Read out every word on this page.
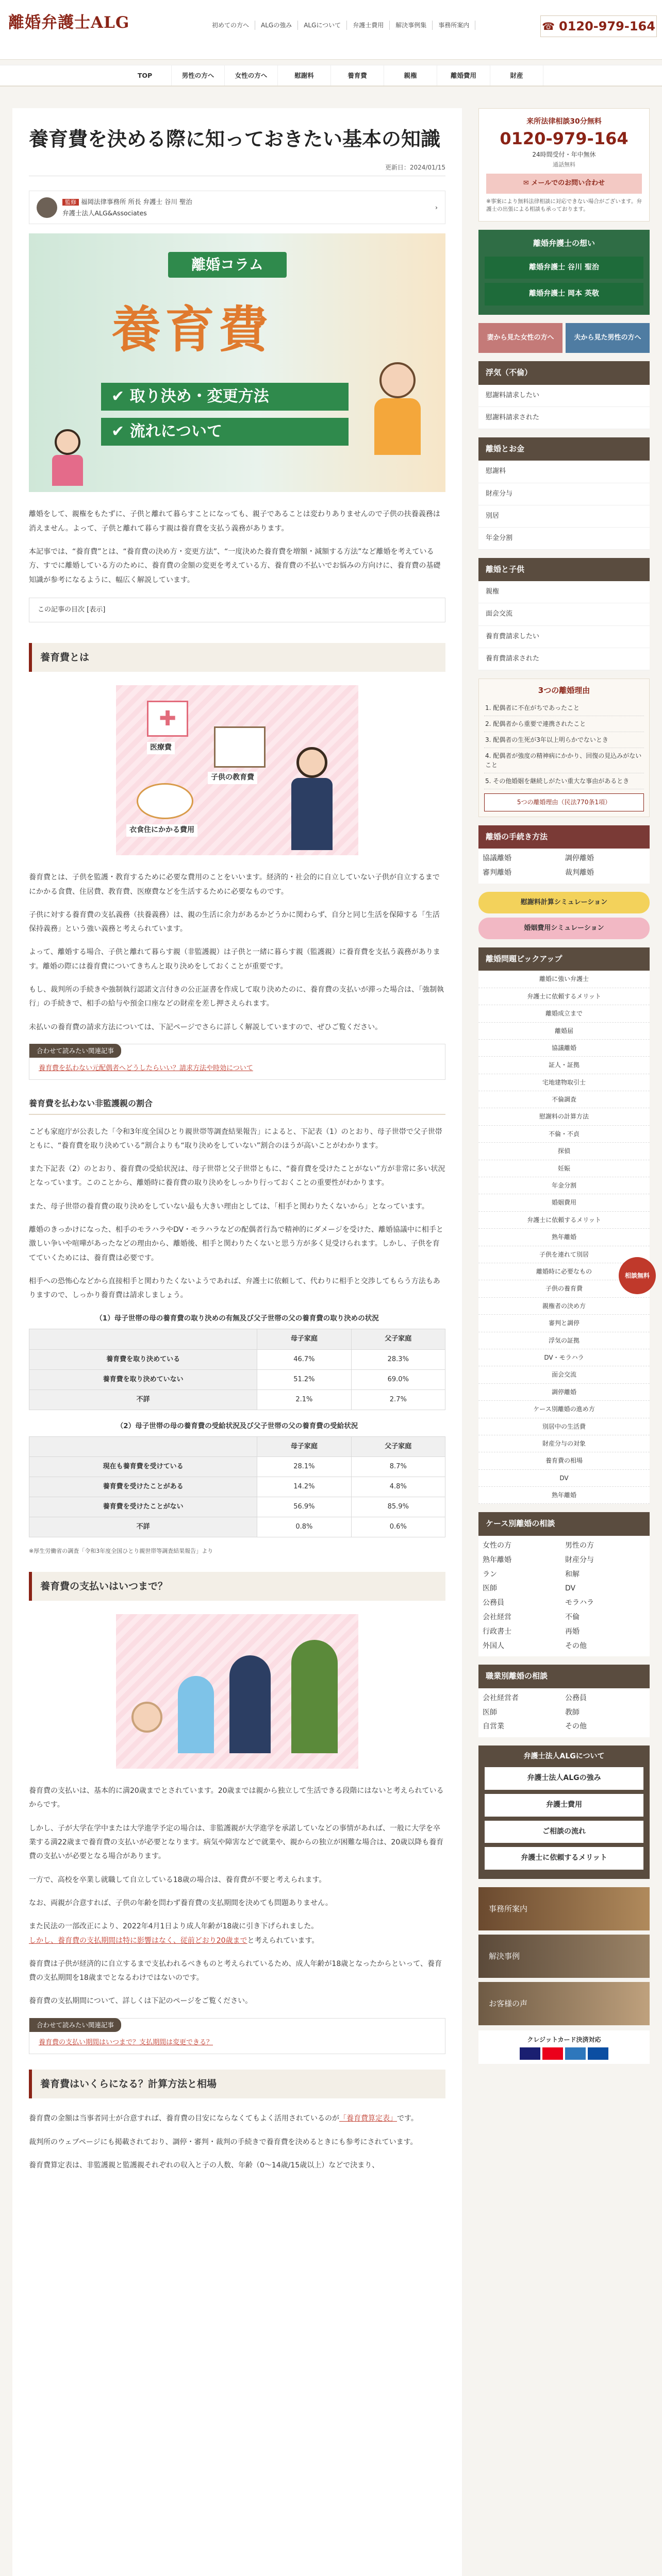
離婚弁護士ALG	初めての方へ	ALGの強み	ALGについて	弁護士費用	解決事例集	事務所案内	☎ 0120-979-164
TOP	男性の方へ	女性の方へ	慰謝料	養育費	親権	離婚費用	財産
養育費を決める際に知っておきたい基本の知識
更新日：2024/01/15
監修 福岡法律事務所 所長 弁護士 谷川 聖治
弁護士法人ALG&Associates
›
離婚コラム
養育費
✔ 取り決め・変更方法
✔ 流れについて

離婚をして、親権をもたずに、子供と離れて暮らすことになっても、親子であることは変わりありませんので子供の扶養義務は消えません。よって、子供と離れて暮らす親は養育費を支払う義務があります。

本記事では、“養育費”とは、“養育費の決め方・変更方法”、“一度決めた養育費を増額・減額する方法”など離婚を考えている方、すでに離婚している方のために、養育費の金額の変更を考えている方、養育費の不払いでお悩みの方向けに、養育費の基礎知識が参考になるように、幅広く解説しています。

この記事の目次 [表示]
養育費とは
✚
医療費
子供の教育費
衣食住にかかる費用

養育費とは、子供を監護・教育するために必要な費用のことをいいます。経済的・社会的に自立していない子供が自立するまでにかかる食費、住居費、教育費、医療費などを生活するために必要なものです。

子供に対する養育費の支払義務（扶養義務）は、親の生活に余力があるかどうかに関わらず、自分と同じ生活を保障する「生活保持義務」という強い義務と考えられています。

よって、離婚する場合、子供と離れて暮らす親（非監護親）は子供と一緒に暮らす親（監護親）に養育費を支払う義務があります。離婚の際には養育費についてきちんと取り決めをしておくことが重要です。

もし、裁判所の手続きや強制執行認諾文言付きの公正証書を作成して取り決めたのに、養育費の支払いが滞った場合は、「強制執行」の手続きで、相手の給与や預金口座などの財産を差し押さえられます。

未払いの養育費の請求方法については、下記ページでさらに詳しく解説していますので、ぜひご覧ください。

合わせて読みたい関連記事
養育費を払わない元配偶者へどうしたらいい？請求方法や時効について
養育費を払わない非監護親の割合

こども家庭庁が公表した「令和3年度全国ひとり親世帯等調査結果報告」によると、下記表（1）のとおり、母子世帯で父子世帯ともに、“養育費を取り決めている”割合よりも“取り決めをしていない”割合のほうが高いことがわかります。

また下記表（2）のとおり、養育費の受給状況は、母子世帯と父子世帯ともに、“養育費を受けたことがない”方が非常に多い状況となっています。このことから、離婚時に養育費の取り決めをしっかり行っておくことの重要性がわかります。

また、母子世帯の養育費の取り決めをしていない最も大きい理由としては、「相手と関わりたくないから」となっています。

離婚のきっかけになった、相手のモラハラやDV・モラハラなどの配偶者行為で精神的にダメージを受けた、離婚協議中に相手と激しい争いや喧嘩があったなどの理由から、離婚後、相手と関わりたくないと思う方が多く見受けられます。しかし、子供を育てていくためには、養育費は必要です。

相手への恐怖心などから直接相手と関わりたくないようであれば、弁護士に依頼して、代わりに相手と交渉してもらう方法もありますので、しっかり養育費は請求しましょう。

（1）母子世帯の母の養育費の取り決めの有無及び父子世帯の父の養育費の取り決めの状況
	母子家庭	父子家庭
養育費を取り決めている	46.7%	28.3%
養育費を取り決めていない	51.2%	69.0%
不詳	2.1%	2.7%
（2）母子世帯の母の養育費の受給状況及び父子世帯の父の養育費の受給状況
	母子家庭	父子家庭
現在も養育費を受けている	28.1%	8.7%
養育費を受けたことがある	14.2%	4.8%
養育費を受けたことがない	56.9%	85.9%
不詳	0.8%	0.6%
※厚生労働省の調査「令和3年度全国ひとり親世帯等調査結果報告」より
養育費の支払いはいつまで？

養育費の支払いは、基本的に満20歳までとされています。20歳までは親から独立して生活できる段階にはないと考えられているからです。

しかし、子が大学在学中または大学進学予定の場合は、非監護親が大学進学を承諾していなどの事情があれば、一般に大学を卒業する満22歳まで養育費の支払いが必要となります。病気や障害などで就業や、親からの独立が困難な場合は、20歳以降も養育費の支払いが必要となる場合があります。

一方で、高校を卒業し就職して自立している18歳の場合は、養育費が不要と考えられます。

なお、両親が合意すれば、子供の年齢を問わず養育費の支払期間を決めても問題ありません。

また民法の一部改正により、2022年4月1日より成人年齢が18歳に引き下げられました。
しかし、養育費の支払期間は特に影響はなく、従前どおり20歳までと考えられています。

養育費は子供が経済的に自立するまで支払われるべきものと考えられているため、成人年齢が18歳となったからといって、養育費の支払期間を18歳までとなるわけではないのです。

養育費の支払期間について、詳しくは下記のページをご覧ください。

合わせて読みたい関連記事
養育費の支払い期間はいつまで？支払期間は変更できる？
養育費はいくらになる？計算方法と相場

養育費の金額は当事者同士が合意すれば、養育費の目安にならなくてもよく活用されているのが「養育費算定表」です。

裁判所のウェブページにも掲載されており、調停・審判・裁判の手続きで養育費を決めるときにも参考にされています。

養育費算定表は、非監護親と監護親それぞれの収入と子の人数、年齢（0〜14歳/15歳以上）などで決まり、

来所法律相談30分無料
0120-979-164
24時間受付・年中無休
通話無料
✉ メールでのお問い合わせ
※事案により無料法律相談に対応できない場合がございます。弁護士の出張による相談も承っております。
離婚弁護士の想い
離婚弁護士 谷川 聖治
離婚弁護士 岡本 英敬
妻から見た女性の方へ	夫から見た男性の方へ
浮気（不倫）
慰謝料請求したい
慰謝料請求された
離婚とお金
慰謝料
財産分与
別居
年金分割
離婚と子供
親権
面会交流
養育費請求したい
養育費請求された
3つの離婚理由
1. 配偶者に不在がちであったこと
2. 配偶者から重要で連携されたこと
3. 配偶者の生死が3年以上明らかでないとき
4. 配偶者が強度の精神病にかかり、回復の見込みがないこと
5. その他婚姻を継続しがたい重大な事由があるとき
5つの離婚理由（民法770条1項）
離婚の手続き方法
協議離婚	調停離婚
審判離婚	裁判離婚
慰謝料計算シミュレーション
婚姻費用シミュレーション
離婚問題ピックアップ
離婚に強い弁護士
弁護士に依頼するメリット
離婚成立まで
離婚届
協議離婚
証人・証拠
宅地建物取引士
不倫調査
慰謝料の計算方法
不倫・不貞
探偵
妊娠
年金分割
婚姻費用
弁護士に依頼するメリット
熟年離婚
子供を連れて別居
離婚時に必要なもの
子供の養育費
親権者の決め方
審判と調停
浮気の証拠
DV・モラハラ
面会交流
調停離婚
ケース別離婚の進め方
別居中の生活費
財産分与の対象
養育費の相場
DV
熟年離婚
ケース別離婚の相談
女性の方	男性の方
熟年離婚	財産分与
ラン	和解
医師	DV
公務員	モラハラ
会社経営	不倫
行政書士	再婚
外国人	その他
職業別離婚の相談
会社経営者	公務員
医師	教師
自営業	その他
弁護士法人ALGについて
弁護士法人ALGの強み
弁護士費用
ご相談の流れ
弁護士に依頼するメリット
事務所案内
解決事例
お客様の声
クレジットカード決済対応
相談無料
